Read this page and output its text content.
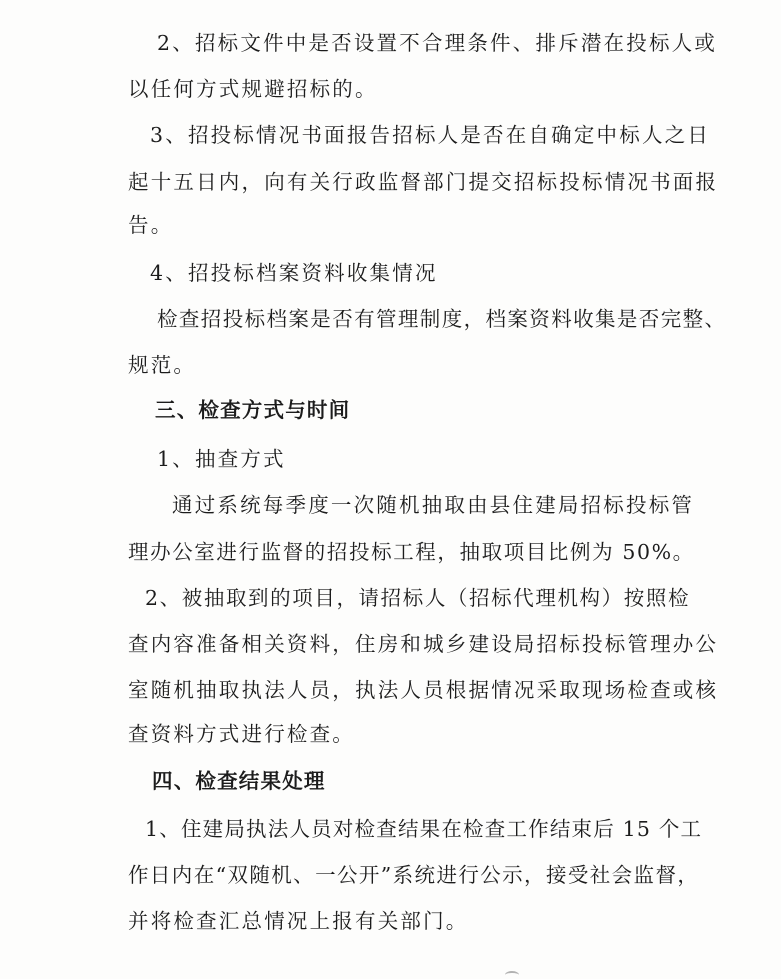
2、招标文件中是否设置不合理条件、排斥潜在投标人或
以任何方式规避招标的。
3、招投标情况书面报告招标人是否在自确定中标人之日
起十五日内，向有关行政监督部门提交招标投标情况书面报
告。
4、招投标档案资料收集情况
检查招投标档案是否有管理制度，档案资料收集是否完整、
规范。
三、检查方式与时间
1、抽查方式
通过系统每季度一次随机抽取由县住建局招标投标管
理办公室进行监督的招投标工程，抽取项目比例为 50%。
2、被抽取到的项目，请招标人（招标代理机构）按照检
查内容准备相关资料，住房和城乡建设局招标投标管理办公
室随机抽取执法人员，执法人员根据情况采取现场检查或核
查资料方式进行检查。
四、检查结果处理
1、住建局执法人员对检查结果在检查工作结束后 15 个工
作日内在“双随机、一公开”系统进行公示，接受社会监督，
并将检查汇总情况上报有关部门。
